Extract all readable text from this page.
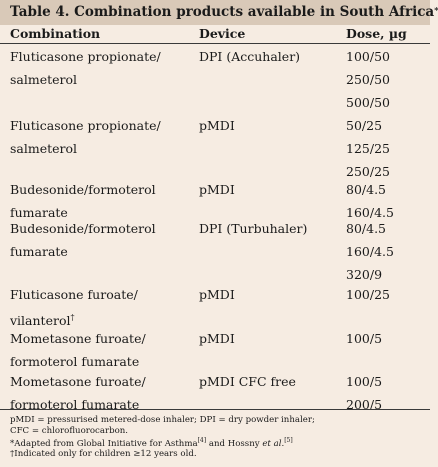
Table 4. Combination products available in South Africa*
Combination	Device	Dose, µg
Fluticasone propionate/
salmeterol
DPI (Accuhaler)	100/50
250/50
500/50
Fluticasone propionate/
salmeterol
pMDI	50/25
125/25
250/25
Budesonide/formoterol
fumarate
pMDI	80/4.5
160/4.5
Budesonide/formoterol
fumarate
DPI (Turbuhaler)	80/4.5
160/4.5
320/9
Fluticasone furoate/
vilanterol†
pMDI	100/25
Mometasone furoate/
formoterol fumarate
pMDI	100/5
Mometasone furoate/
formoterol fumarate
pMDI CFC free	100/5
200/5
pMDI = pressurised metered-dose inhaler; DPI = dry powder inhaler;
CFC = chlorofluorocarbon.
*Adapted from Global Initiative for Asthma[4] and Hossny et al.[5]
†Indicated only for children ≥12 years old.
